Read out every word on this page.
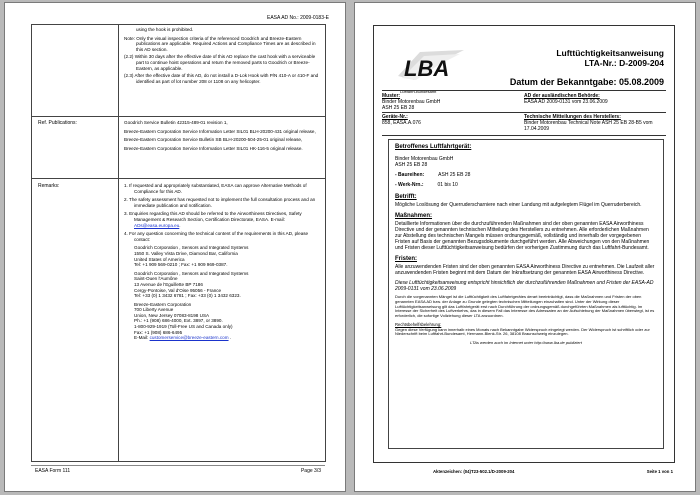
EASA AD No.: 2009-0183-E

using the hook is prohibited.

Note: Only the visual inspection criteria of the referenced Goodrich and Breeze-Eastern publications are applicable. Required Actions and Compliance Times are as described in this AD section.

(2.2) Within 30 days after the effective date of this AD replace the cast hook with a serviceable part to continue hoist operations and return the removed parts to Goodrich or Breeze-Eastern, as applicable.

(2.3) After the effective date of this AD, do not install a D-Lok Hook with P/N 410-A or 410-F and identified as part of lot number 208 or 1108 on any helicopter.

Ref. Publications:	Goodrich Service Bulletin 42315-489-01 revision 1,

Breeze-Eastern Corporation Service Information Letter SIL01 BLH-20200-431 original release,

Breeze-Eastern Corporation Service Bulletin SB BLH-20200-504-25-01 original release,

Breeze-Eastern Corporation Service Information Letter SIL01 HK-116-5 original release.

Remarks:	1. If requested and appropriately substantiated, EASA can approve Alternative Methods of Compliance for this AD.

2. The safety assessment has requested not to implement the full consultation process and an immediate publication and notification.

3. Enquiries regarding this AD should be referred to the Airworthiness Directives, Safety Management & Research Section, Certification Directorate, EASA. E-mail: ADs@easa.europa.eu.

4. For any question concerning the technical content of the requirements in this AD, please contact:

Goodrich Corporation , Sensors and Integrated Systems
1550 S. Valley Vista Drive, Diamond Bar, California
United States of America
Tel: +1 909 569-0210 ; Fax: +1 909 969-0387.

Goodrich Corporation , Sensors and Integrated Systems
Saint-Ouen l'Aumône
13 Avenue de l'Eguillette BP 7186
Cergy-Pontoise, Val d'Oise 95056 - France
Tel: +33 (0) 1 3432 6781 ; Fax: +33 (0) 1 3432 6323.

Breeze-Eastern Corporation
700 Liberty Avenue
Union, New Jersey 07083-8198 USA
Ph.: +1 (908) 686-4000, Ext. 3897, or 3890.
1-800-929-1919 (Toll-Free US and Canada only)
Fax: +1 (908) 686-6495
E-Mail: customerservice@breeze-eastern.com .

EASA Form 111	Page 3/3
LBA
Luftfahrt-Bundesamt
Lufttüchtigkeitsanweisung
LTA-Nr.: D-2009-204
Datum der Bekanntgabe: 05.08.2009
Muster:
Binder Motorenbau GmbH
ASH 25 EB 28
AD der ausländischen Behörde:
EASA AD 2009-0131 vom 23.06.2009
Geräte-Nr.:
858, EASA.A.076
Technische Mitteilungen des Herstellers:
Binder Motorenbau Technical Note ASH 25 EB 28-B5 vom
17.04.2009
Betroffenes Luftfahrtgerät:
Binder Motorenbau GmbH
ASH 25 EB 28
- Baureihen:	ASH 25 EB 28
- Werk-Nrn.:	01 bis 10
Betrifft:

Mögliche Loslösung der Querruderscharniere nach einer Landung mit aufgelegtem Flügel im Querruderbereich.

Maßnahmen:

Detaillierte Informationen über die durchzuführenden Maßnahmen sind der oben genannten EASA Airworthiness Directive und der genannten technischen Mitteilung des Herstellers zu entnehmen. Alle erforderlichen Maßnahmen zur Abstellung des technischen Mangels müssen ordnungsgemäß, vollständig und innerhalb der vorgegebenen Fristen auf Basis der genannten Bezugsdokumente durchgeführt werden. Alle Abweichungen von den Maßnahmen und Fristen dieser Lufttüchtigkeitsanweisung bedürfen der vorherigen Zustimmung durch das Luftfahrt-Bundesamt.

Fristen:

Alle anzuwendenden Fristen sind der oben genannten EASA Airworthiness Directive zu entnehmen. Die Laufzeit aller anzuwendenden Fristen beginnt mit dem Datum der Inkraftsetzung der genannten EASA Airworthiness Directive.

Diese Lufttüchtigkeitsanweisung entspricht hinsichtlich der durchzuführenden Maßnahmen und Fristen der EASA-AD 2009-0131 vom 23.06.2009

Durch die vorgenannten Mängel ist die Lufttüchtigkeit des Luftfahrtgerätes derart beeinträchtigt, dass die Maßnahmen und Fristen der oben genannten EASA AD bzw. der Anlage zu Grunde gelegten technischen Mitteilungen einzuhalten sind. Unter der Wirkung dieser Lufttüchtigkeitsanweisung gilt das Luftfahrtgerät erst nach Durchführung der ordnungsgemäß durchgeführten Maßnahmen als lufttüchtig. Im Interesse der Sicherheit des Luftverkehrs, das in diesem Fall das Interesse des Adressaten an der Aufschiebung der Maßnahmen überwiegt, ist es erforderlich, die sofortige Vollziehung dieser LTA anzuordnen.

Rechtsbehelfsbelehrung:

Gegen diese Verfügung kann innerhalb eines Monats nach Bekanntgabe Widerspruch eingelegt werden. Der Widerspruch ist schriftlich oder zur Niederschrift beim Luftfahrt-Bundesamt, Hermann-Blenk-Str. 26, 38108 Braunschweig einzulegen.

LTAs werden auch im Internet unter http://www.lba.de publiziert
Aktenzeichen: (04)T23-502.1/D-2009-204	Seite 1 von 1
